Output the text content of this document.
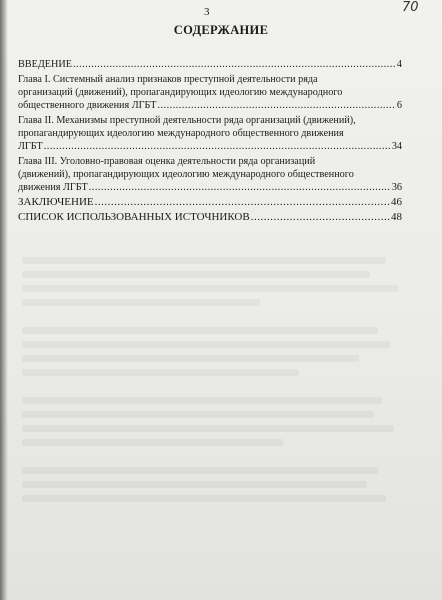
3	70
СОДЕРЖАНИЕ
ВВЕДЕНИЕ .....	4
Глава I. Системный анализ признаков преступной деятельности ряда
организаций (движений), пропагандирующих идеологию международного
общественного движения ЛГБТ .....	6
Глава II. Механизмы преступной деятельности ряда организаций (движений),
пропагандирующих идеологию международного общественного движения
ЛГБТ .....	34
Глава III. Уголовно-правовая оценка деятельности ряда организаций
(движений), пропагандирующих идеологию международного общественного
движения ЛГБТ .....	36
ЗАКЛЮЧЕНИЕ .....	46
СПИСОК ИСПОЛЬЗОВАННЫХ ИСТОЧНИКОВ .....	48
